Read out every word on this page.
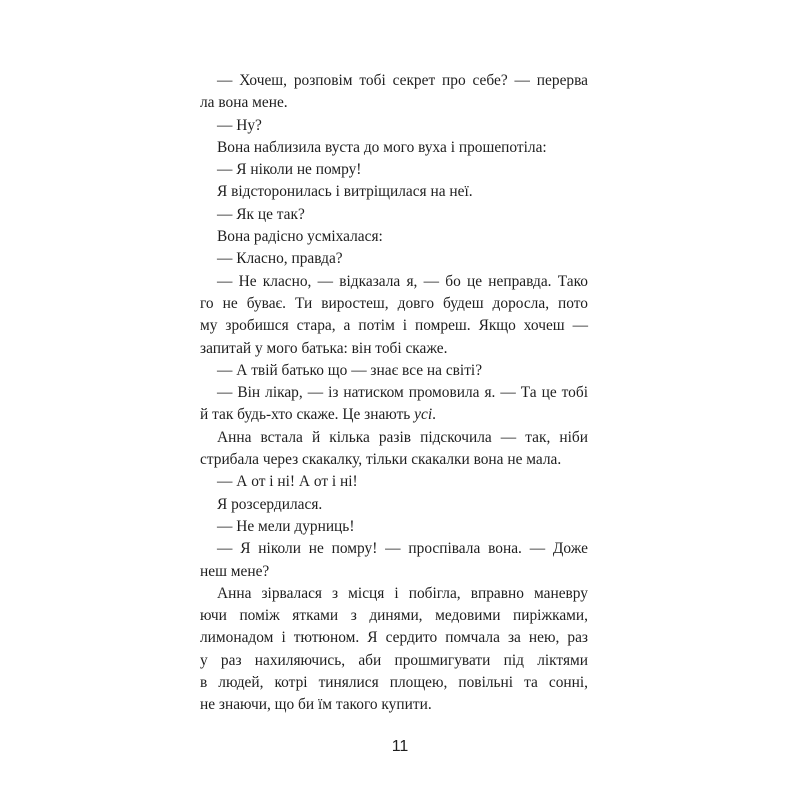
— Хочеш, розповім тобі секрет про себе? — перерва
ла вона мене.
— Ну?
Вона наблизила вуста до мого вуха і прошепотіла:
— Я ніколи не помру!
Я відсторонилась і витріщилася на неї.
— Як це так?
Вона радісно усміхалася:
— Класно, правда?
— Не класно, — відказала я, — бо це неправда. Тако
го не буває. Ти виростеш, довго будеш доросла, пото
му зробишся стара, а потім і помреш. Якщо хочеш —
запитай у мого батька: він тобі скаже.
— А твій батько що — знає все на світі?
— Він лікар, — із натиском промовила я. — Та це тобі
й так будь-хто скаже. Це знають усі.
Анна встала й кілька разів підскочила — так, ніби
стрибала через скакалку, тільки скакалки вона не мала.
— А от і ні! А от і ні!
Я розсердилася.
— Не мели дурниць!
— Я ніколи не помру! — проспівала вона. — Доже
неш мене?
Анна зірвалася з місця і побігла, вправно маневру
ючи поміж ятками з динями, медовими пиріжками,
лимонадом і тютюном. Я сердито помчала за нею, раз
у раз нахиляючись, аби прошмигувати під ліктями
в людей, котрі тинялися площею, повільні та сонні,
не знаючи, що би їм такого купити.
11
